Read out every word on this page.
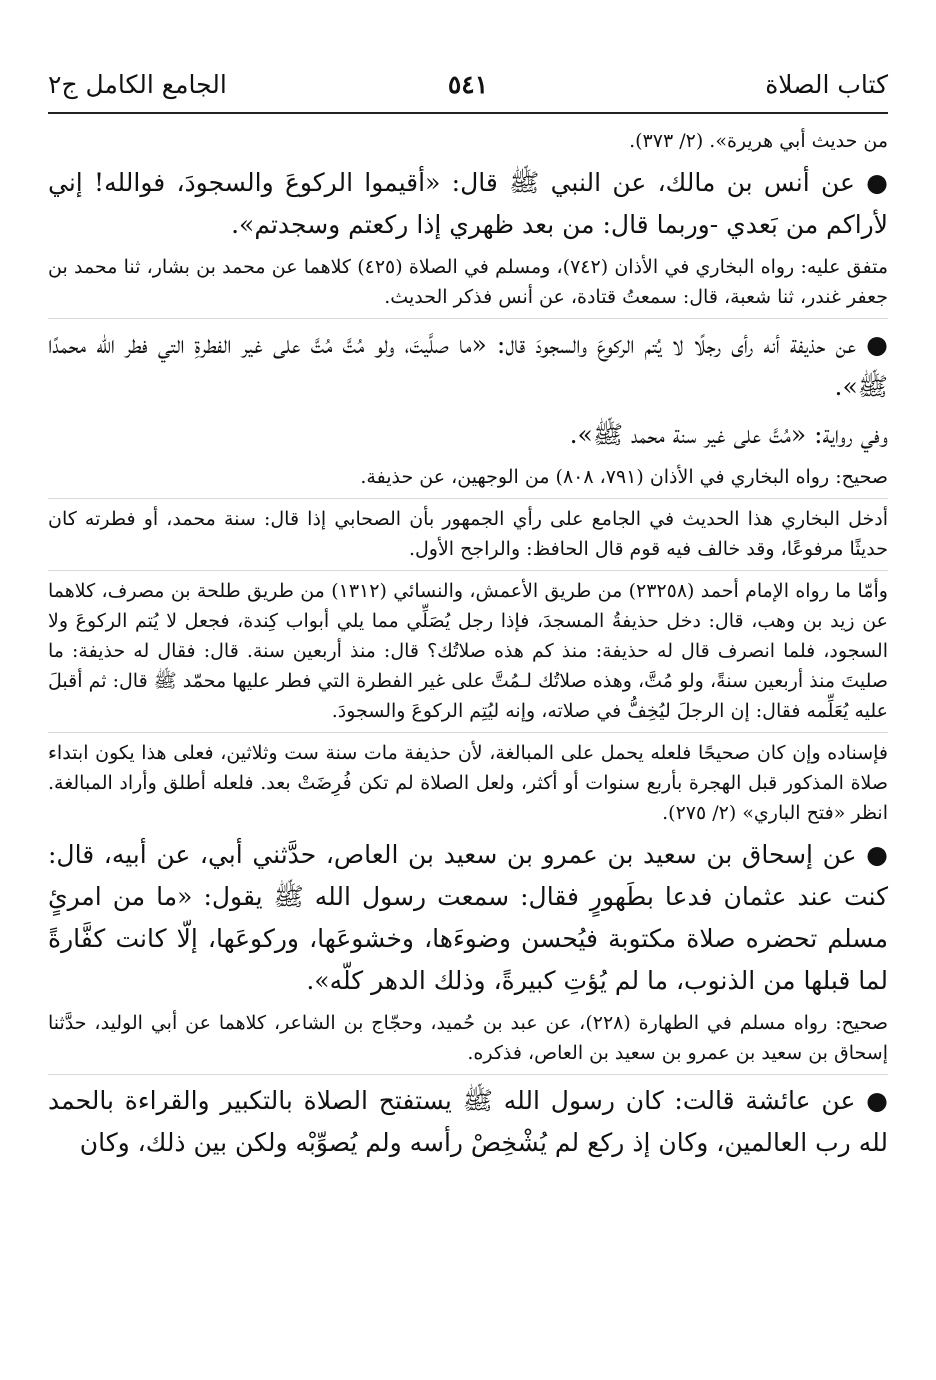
كتاب الصلاة
٥٤١
الجامع الكامل ج٢

من حديث أبي هريرة». (٢/ ٣٧٣).

● عن أنس بن مالك، عن النبي ﷺ قال: «أقيموا الركوعَ والسجودَ، فوالله! إني لأراكم من بَعدي -وربما قال: من بعد ظهري إذا ركعتم وسجدتم».

متفق عليه: رواه البخاري في الأذان (٧٤٢)، ومسلم في الصلاة (٤٢٥) كلاهما عن محمد بن بشار، ثنا محمد بن جعفر غندر، ثنا شعبة، قال: سمعتُ قتادة، عن أنس فذكر الحديث.

● عن حذيفة أنه رأى رجلًا لا يُتم الركوعَ والسجودَ قال: «ما صلَّيتَ، ولو مُتَّ مُتَّ على غير الفطرةِ التي فطر الله محمدًا ﷺ».

وفي رواية: «مُتَّ على غير سنة محمد ﷺ».

صحيح: رواه البخاري في الأذان (٧٩١، ٨٠٨) من الوجهين، عن حذيفة.

أدخل البخاري هذا الحديث في الجامع على رأي الجمهور بأن الصحابي إذا قال: سنة محمد، أو فطرته كان حديثًا مرفوعًا، وقد خالف فيه قوم قال الحافظ: والراجح الأول.

وأمّا ما رواه الإمام أحمد (٢٣٢٥٨) من طريق الأعمش، والنسائي (١٣١٢) من طريق طلحة بن مصرف، كلاهما عن زيد بن وهب، قال: دخل حذيفةُ المسجدَ، فإذا رجل يُصَلِّي مما يلي أبواب كِندة، فجعل لا يُتم الركوعَ ولا السجود، فلما انصرف قال له حذيفة: منذ كم هذه صلاتُك؟ قال: منذ أربعين سنة. قال: فقال له حذيفة: ما صليتَ منذ أربعين سنةً، ولو مُتَّ، وهذه صلاتُك لـمُتَّ على غير الفطرة التي فطر عليها محمّد ﷺ قال: ثم أقبلَ عليه يُعَلِّمه فقال: إن الرجلَ ليُخِفُّ في صلاته، وإنه ليُتِم الركوعَ والسجودَ.

فإسناده وإن كان صحيحًا فلعله يحمل على المبالغة، لأن حذيفة مات سنة ست وثلاثين، فعلى هذا يكون ابتداء صلاة المذكور قبل الهجرة بأربع سنوات أو أكثر، ولعل الصلاة لم تكن فُرِضَتْ بعد. فلعله أطلق وأراد المبالغة. انظر «فتح الباري» (٢/ ٢٧٥).

● عن إسحاق بن سعيد بن عمرو بن سعيد بن العاص، حدَّثني أبي، عن أبيه، قال: كنت عند عثمان فدعا بطَهورٍ فقال: سمعت رسول الله ﷺ يقول: «ما من امرئٍ مسلم تحضره صلاة مكتوبة فيُحسن وضوءَها، وخشوعَها، وركوعَها، إلّا كانت كفَّارةً لما قبلها من الذنوب، ما لم يُؤتِ كبيرةً، وذلك الدهر كلّه».

صحيح: رواه مسلم في الطهارة (٢٢٨)، عن عبد بن حُميد، وحجّاج بن الشاعر، كلاهما عن أبي الوليد، حدَّثنا إسحاق بن سعيد بن عمرو بن سعيد بن العاص، فذكره.

● عن عائشة قالت: كان رسول الله ﷺ يستفتح الصلاة بالتكبير والقراءة بالحمد لله رب العالمين، وكان إذ ركع لم يُشْخِصْ رأسه ولم يُصوِّبْه ولكن بين ذلك، وكان
